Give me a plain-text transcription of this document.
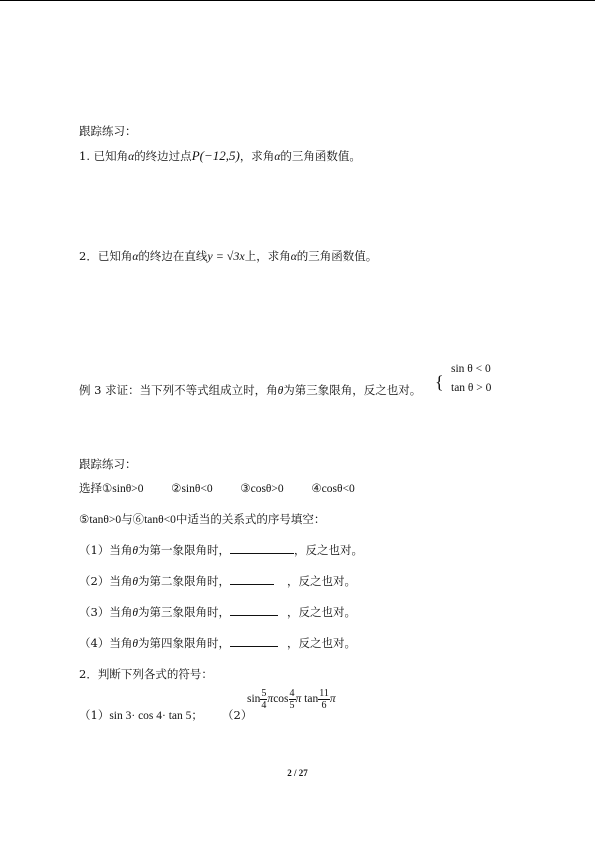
跟踪练习：
1. 已知角α的终边过点P(−12,5)，求角α的三角函数值。
2．已知角α的终边在直线y = √3x上，求角α的三角函数值。
例 3 求证：当下列不等式组成立时，角θ为第三象限角，反之也对。 {
sin θ < 0
tan θ > 0
跟踪练习：
选择①sinθ>0 ②sinθ<0 ③cosθ>0 ④cosθ<0
⑤tanθ>0与⑥tanθ<0中适当的关系式的序号填空：
（1）当角θ为第一象限角时，	，反之也对。
（2）当角θ为第二象限角时，	，反之也对。
（3）当角θ为第三象限角时，	，反之也对。
（4）当角θ为第四象限角时，	，反之也对。
2．判断下列各式的符号：
（1）sin 3· cos 4· tan 5； （2）
$\sin \frac{5}{4}$ πcos $\frac{4}{5}$ π $\tan \frac{11}{6}$ π
2 / 27
